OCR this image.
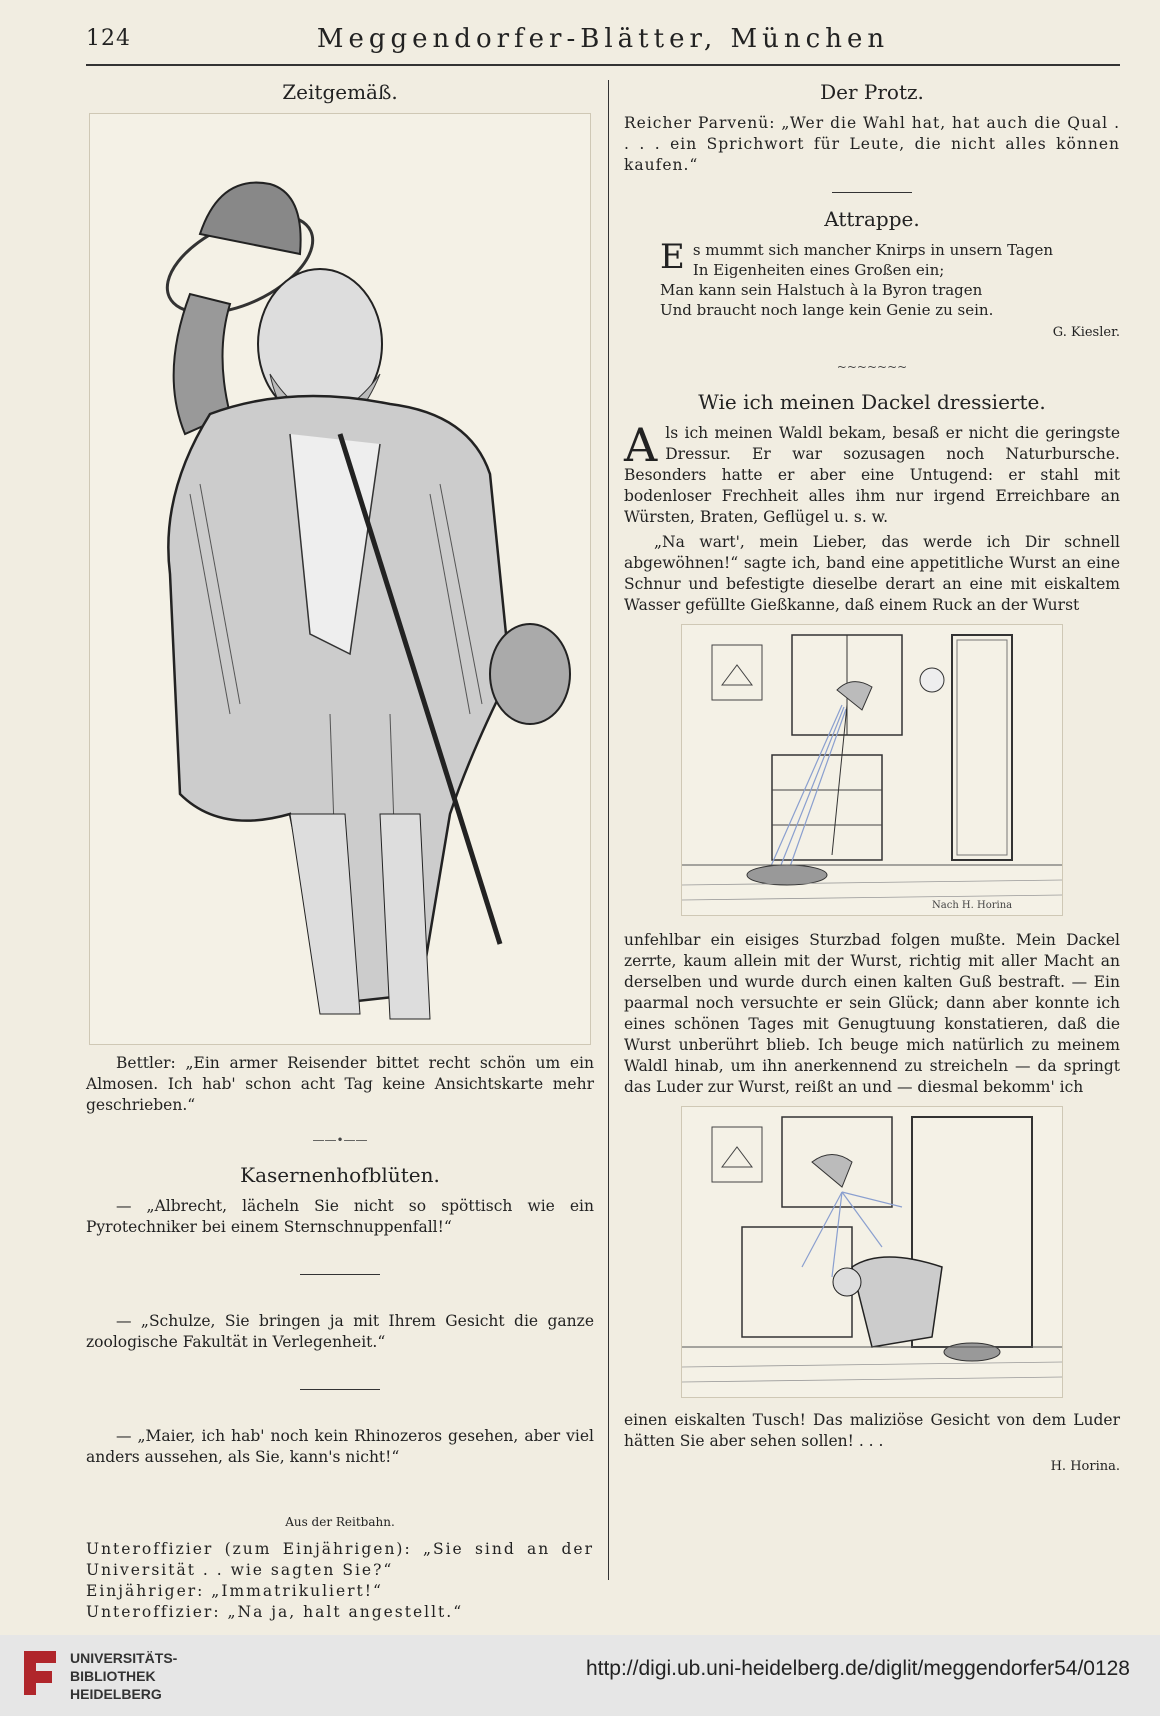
124	Meggendorfer-Blätter, München
Zeitgemäß.

Bettler: „Ein armer Reisender bittet recht schön um ein Almosen. Ich hab' schon acht Tag keine Ansichtskarte mehr geschrieben.“

——•——
Kasernenhofblüten.

— „Albrecht, lächeln Sie nicht so spöttisch wie ein Pyrotechniker bei einem Sternschnuppenfall!“

— „Schulze, Sie bringen ja mit Ihrem Gesicht die ganze zoologische Fakultät in Verlegenheit.“

— „Maier, ich hab' noch kein Rhinozeros gesehen, aber viel anders aussehen, als Sie, kann's nicht!“

Aus der Reitbahn.

Unteroffizier (zum Einjährigen): „Sie sind an der Universität . . wie sagten Sie?“

Einjähriger: „Immatrikuliert!“

Unteroffizier: „Na ja, halt angestellt.“

Der Protz.

Reicher Parvenü: „Wer die Wahl hat, hat auch die Qual . . . . ein Sprichwort für Leute, die nicht alles können kaufen.“

Attrappe.
E s mummt sich mancher Knirps in unsern Tagen
In Eigenheiten eines Großen ein;
Man kann sein Halstuch à la Byron tragen
Und braucht noch lange kein Genie zu sein.
G. Kiesler.
~~~~~~~
Wie ich meinen Dackel dressierte.

Als ich meinen Waldl bekam, besaß er nicht die geringste Dressur. Er war sozusagen noch Naturbursche. Besonders hatte er aber eine Untugend: er stahl mit bodenloser Frechheit alles ihm nur irgend Erreichbare an Würsten, Braten, Geflügel u. s. w.

„Na wart', mein Lieber, das werde ich Dir schnell abgewöhnen!“ sagte ich, band eine appetitliche Wurst an eine Schnur und befestigte dieselbe derart an eine mit eiskaltem Wasser gefüllte Gießkanne, daß einem Ruck an der Wurst

Nach H. Horina

unfehlbar ein eisiges Sturzbad folgen mußte. Mein Dackel zerrte, kaum allein mit der Wurst, richtig mit aller Macht an derselben und wurde durch einen kalten Guß bestraft. — Ein paarmal noch versuchte er sein Glück; dann aber konnte ich eines schönen Tages mit Genugtuung konstatieren, daß die Wurst unberührt blieb. Ich beuge mich natürlich zu meinem Waldl hinab, um ihn anerkennend zu streicheln — da springt das Luder zur Wurst, reißt an und — diesmal bekomm' ich

einen eiskalten Tusch! Das maliziöse Gesicht von dem Luder hätten Sie aber sehen sollen! . . .

H. Horina.
UNIVERSITÄTS-
BIBLIOTHEK
HEIDELBERG
http://digi.ub.uni-heidelberg.de/diglit/meggendorfer54/0128
